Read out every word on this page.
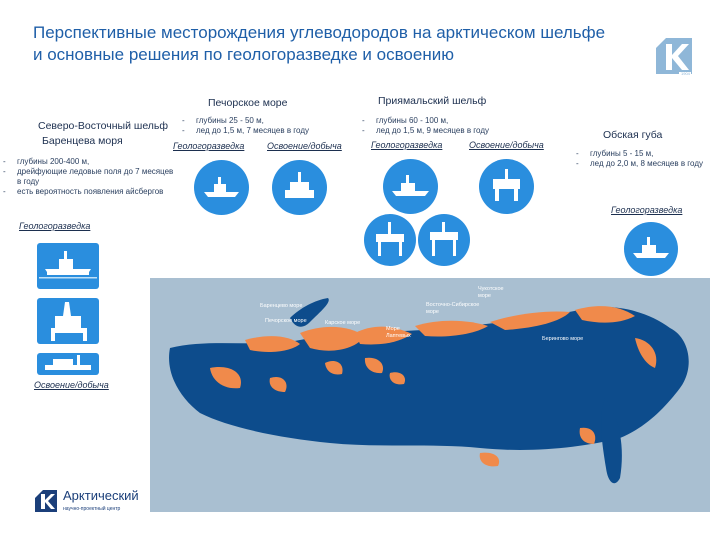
Перспективные месторождения углеводородов на арктическом шельфе и основные решения по геологоразведке и освоению
1904
Северо-Восточный шельф
Баренцева моря
-	глубины 200-400 м,
-	дрейфующие ледовые поля до 7 месяцев в году
-	есть вероятность появления айсбергов
Геологоразведка
Освоение/добыча
Печорское море
-	глубины 25 - 50 м,
-	лед до 1,5 м, 7 месяцев в году
Геологоразведка	Освоение/добыча
Приямальский шельф
-	глубины 60 - 100 м,
-	лед до 1,5 м, 9 месяцев в году
Геологоразведка	Освоение/добыча
Обская губа
-	глубины 5 - 15 м,
-	лед до 2,0 м, 8 месяцев в году
Геологоразведка
Баренцево море
Печорское море	Карское море
Море Лаптевых
Восточно-Сибирское море
Чукотское море
Берингово море
Арктический
научно-проектный центр
